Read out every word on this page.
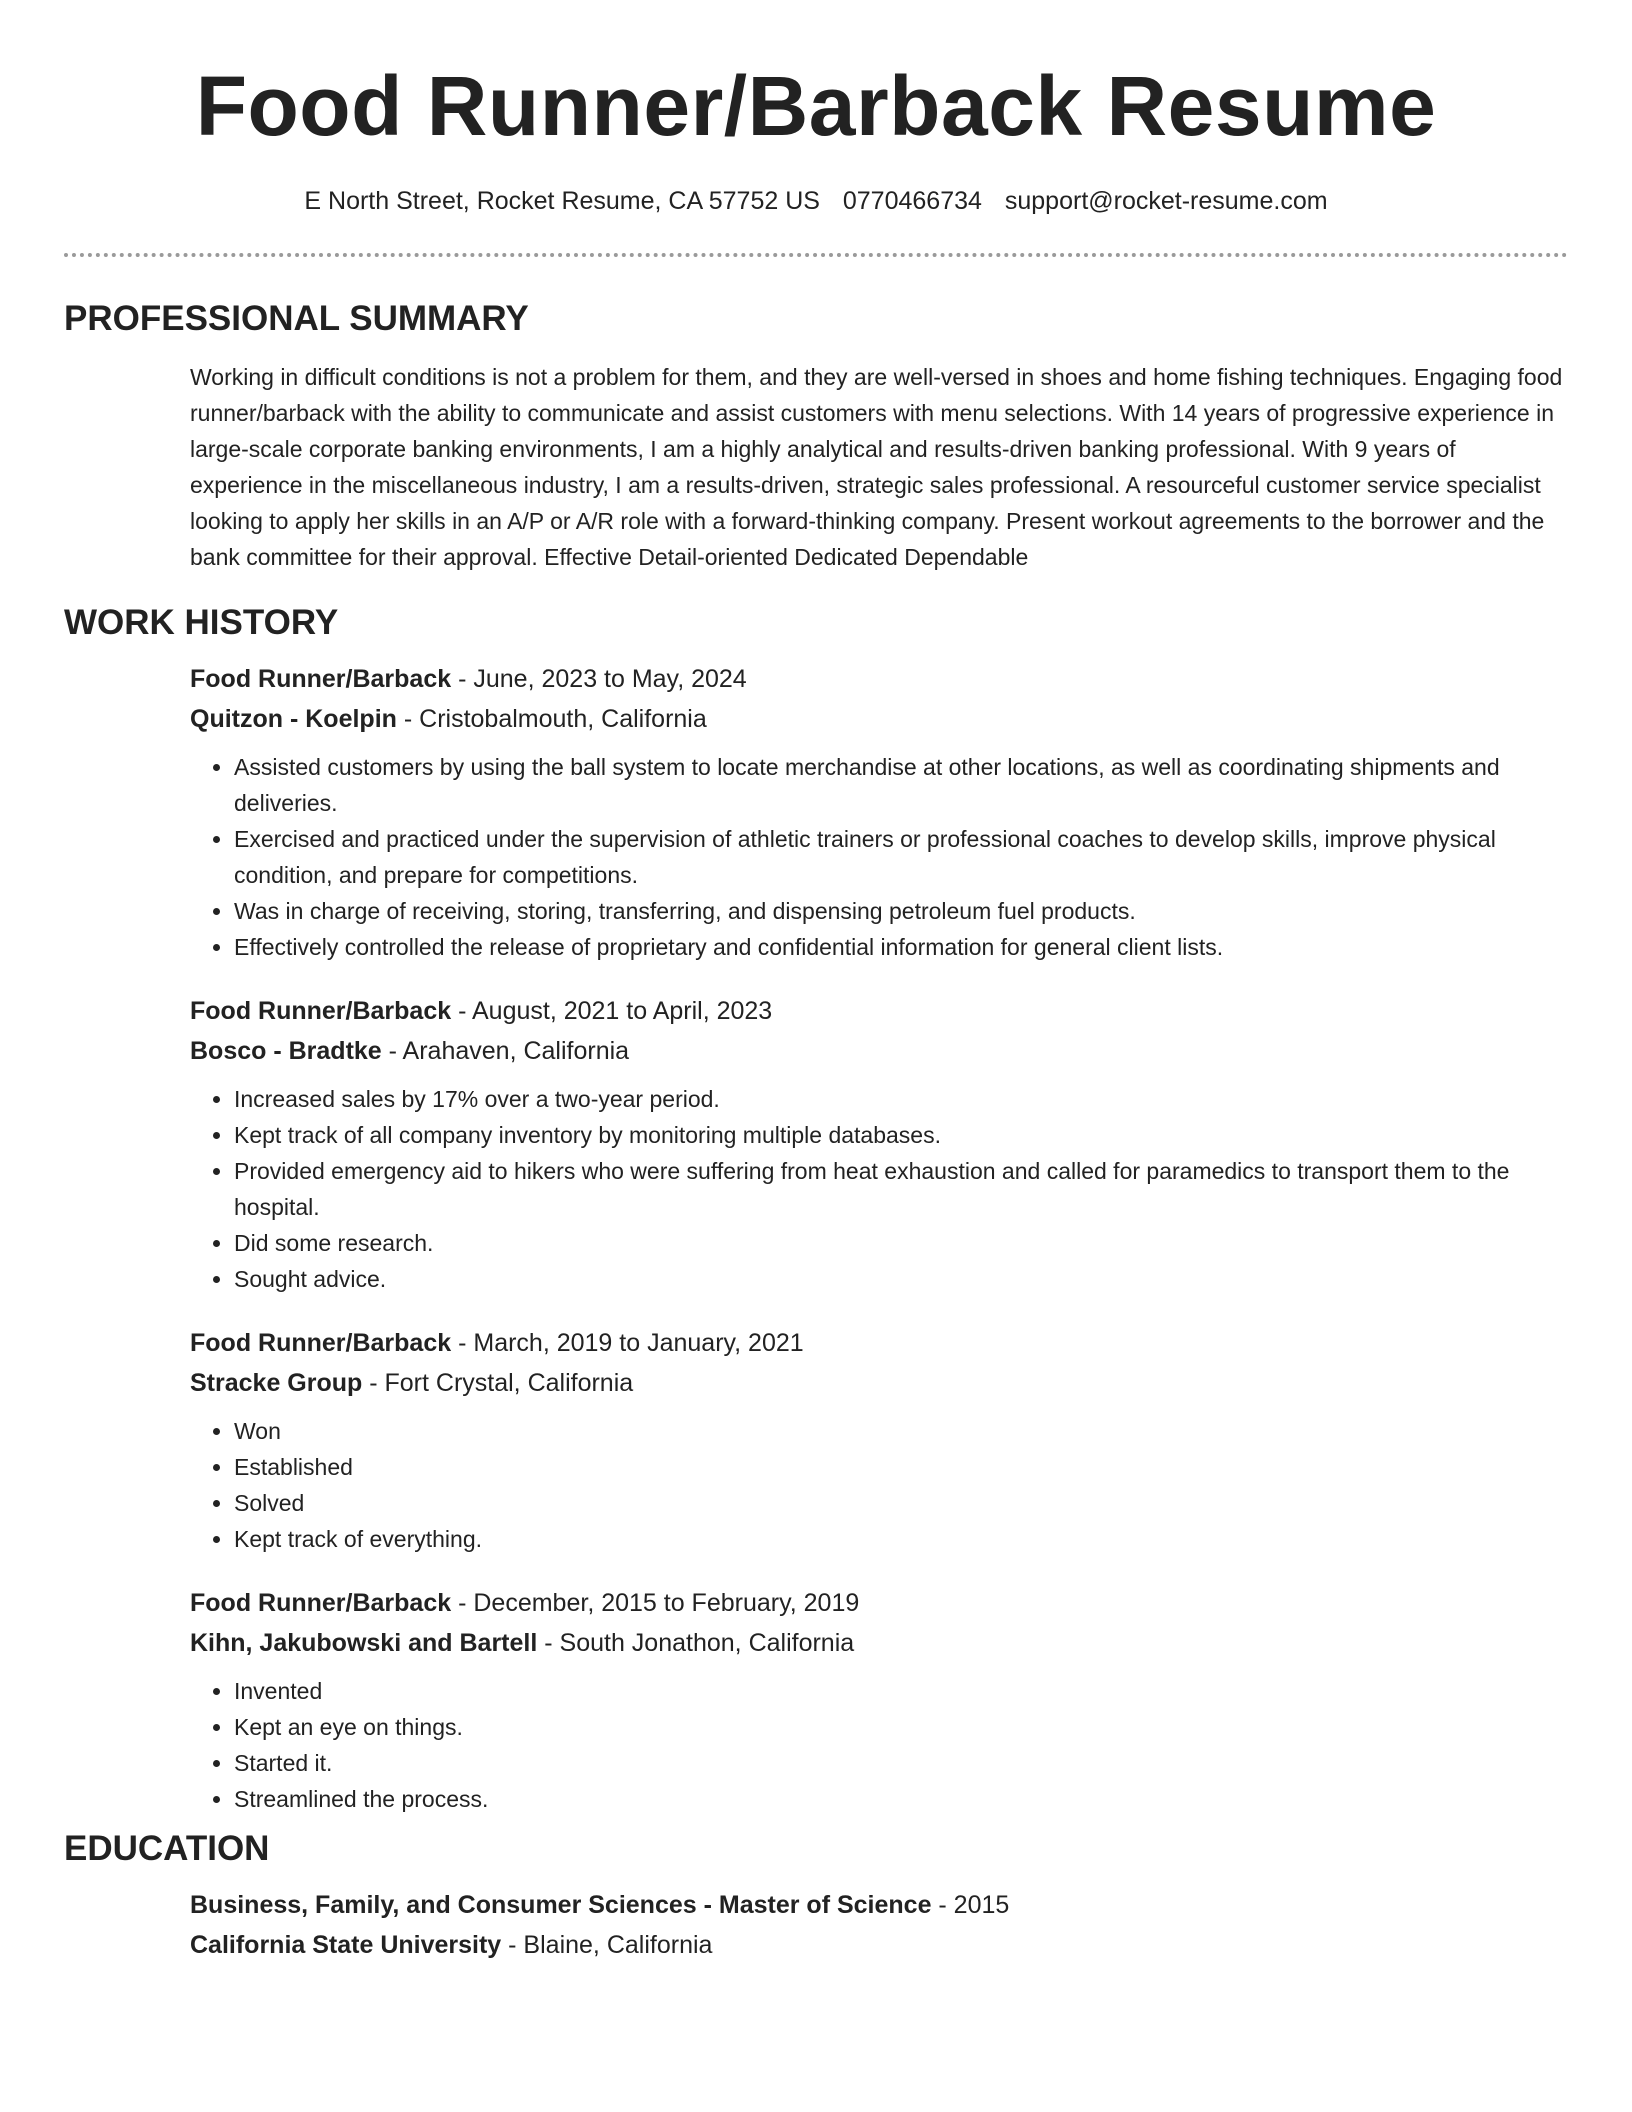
Food Runner/Barback Resume
E North Street, Rocket Resume, CA 57752 US 0770466734 support@rocket-resume.com
PROFESSIONAL SUMMARY

Working in difficult conditions is not a problem for them, and they are well-versed in shoes and home fishing techniques. Engaging food runner/barback with the ability to communicate and assist customers with menu selections. With 14 years of progressive experience in large-scale corporate banking environments, I am a highly analytical and results-driven banking professional. With 9 years of experience in the miscellaneous industry, I am a results-driven, strategic sales professional. A resourceful customer service specialist looking to apply her skills in an A/P or A/R role with a forward-thinking company. Present workout agreements to the borrower and the bank committee for their approval. Effective Detail-oriented Dedicated Dependable

WORK HISTORY
Food Runner/Barback - June, 2023 to May, 2024
Quitzon - Koelpin - Cristobalmouth, California
• Assisted customers by using the ball system to locate merchandise at other locations, as well as coordinating shipments and deliveries.
• Exercised and practiced under the supervision of athletic trainers or professional coaches to develop skills, improve physical condition, and prepare for competitions.
• Was in charge of receiving, storing, transferring, and dispensing petroleum fuel products.
• Effectively controlled the release of proprietary and confidential information for general client lists.
Food Runner/Barback - August, 2021 to April, 2023
Bosco - Bradtke - Arahaven, California
• Increased sales by 17% over a two-year period.
• Kept track of all company inventory by monitoring multiple databases.
• Provided emergency aid to hikers who were suffering from heat exhaustion and called for paramedics to transport them to the hospital.
• Did some research.
• Sought advice.
Food Runner/Barback - March, 2019 to January, 2021
Stracke Group - Fort Crystal, California
• Won
• Established
• Solved
• Kept track of everything.
Food Runner/Barback - December, 2015 to February, 2019
Kihn, Jakubowski and Bartell - South Jonathon, California
• Invented
• Kept an eye on things.
• Started it.
• Streamlined the process.
EDUCATION
Business, Family, and Consumer Sciences - Master of Science - 2015
California State University - Blaine, California
